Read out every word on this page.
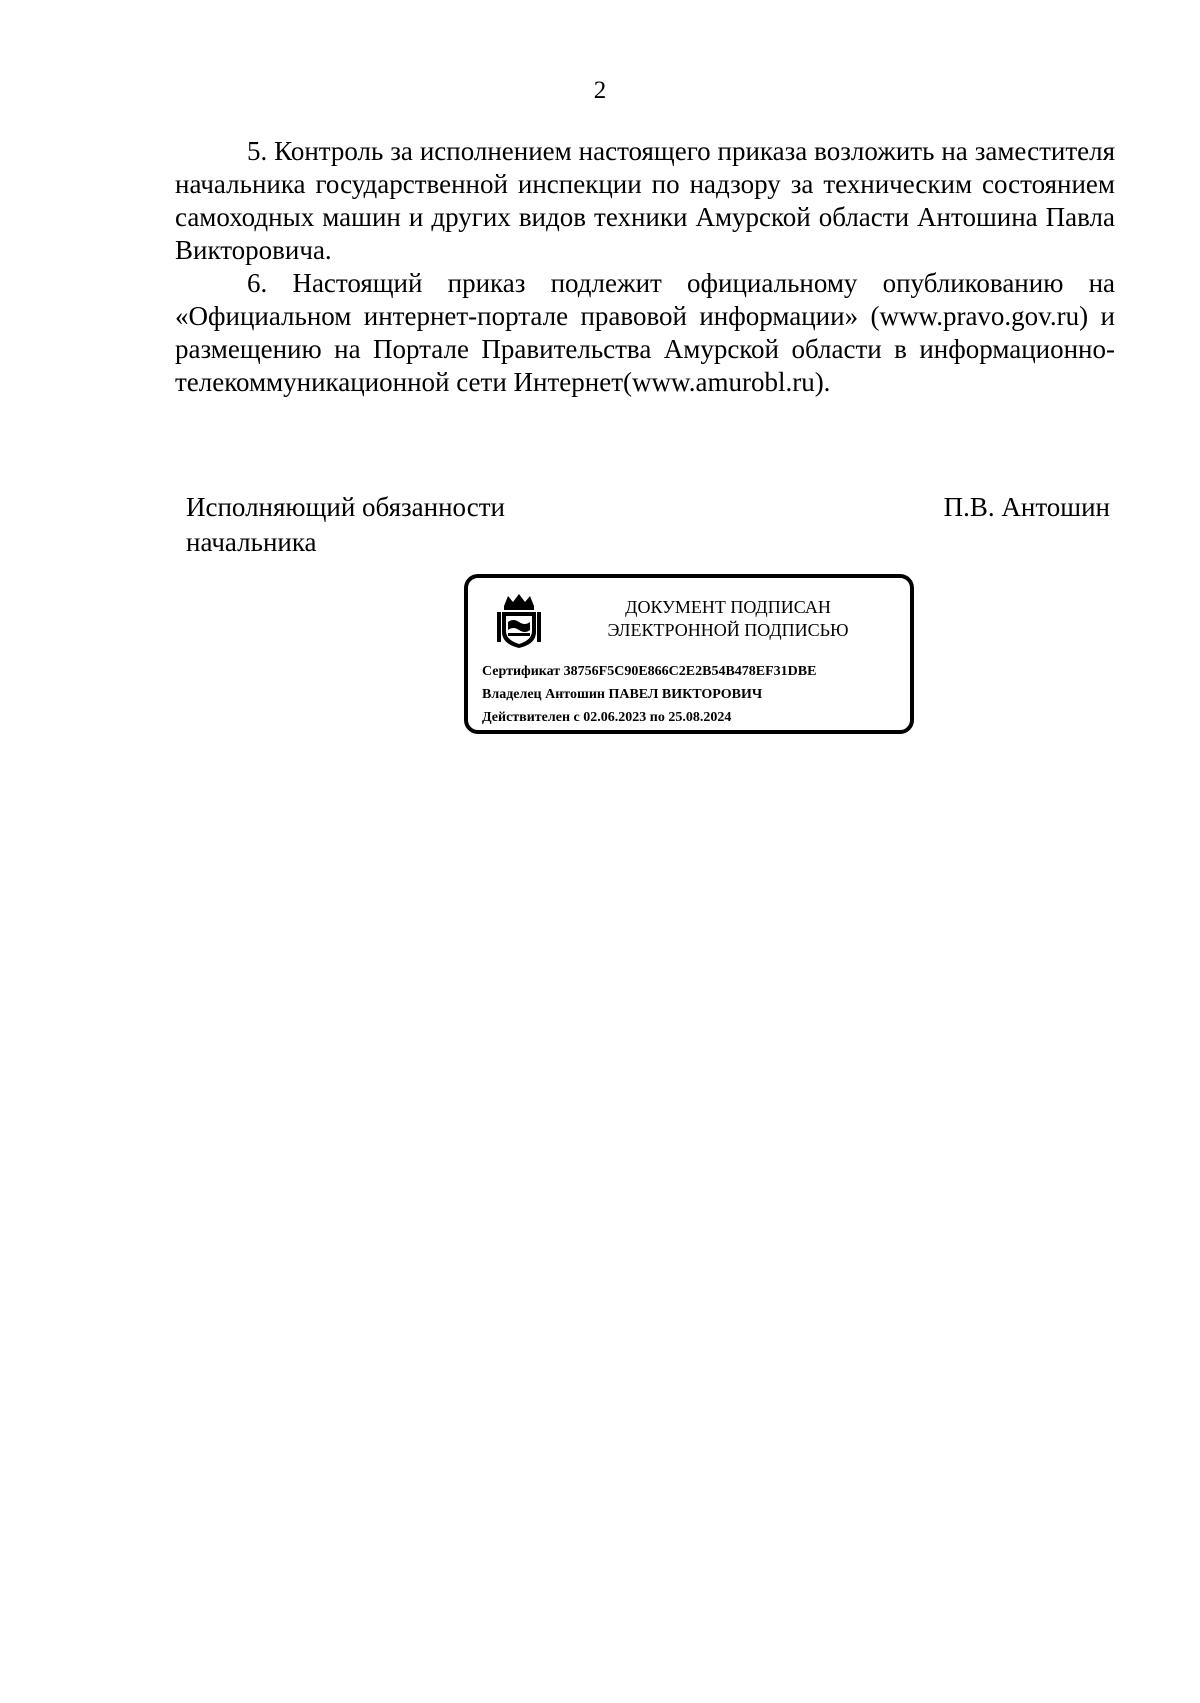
2

5. Контроль за исполнением настоящего приказа возложить на заместителя начальника государственной инспекции по надзору за техническим состоянием самоходных машин и других видов техники Амурской области Антошина Павла Викторовича.

6. Настоящий приказ подлежит официальному опубликованию на «Официальном интернет-портале правовой информации» (www.pravo.gov.ru) и размещению на Портале Правительства Амурской области в информационно-телекоммуникационной сети Интернет(www.amurobl.ru).

Исполняющий обязанности
начальника
П.В. Антошин
ДОКУМЕНТ ПОДПИСАН
ЭЛЕКТРОННОЙ ПОДПИСЬЮ
Сертификат 38756F5C90E866C2E2B54B478EF31DBE
Владелец Антошин ПАВЕЛ ВИКТОРОВИЧ
Действителен с 02.06.2023 по 25.08.2024
